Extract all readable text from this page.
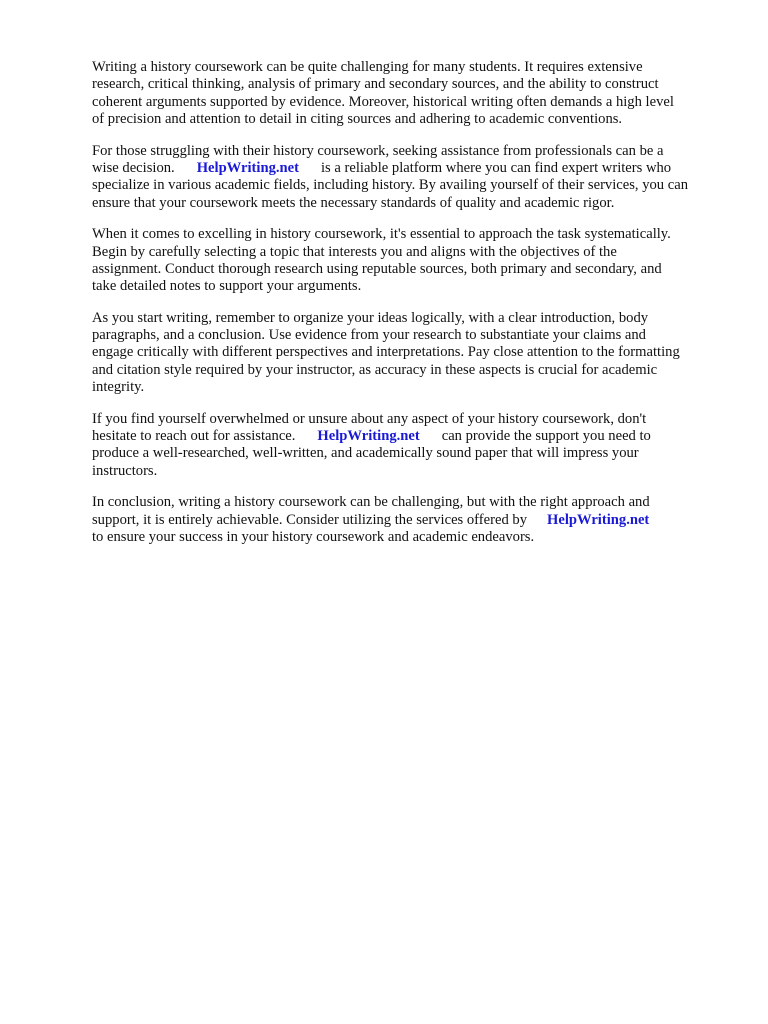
Writing a history coursework can be quite challenging for many students. It requires extensive
research, critical thinking, analysis of primary and secondary sources, and the ability to construct
coherent arguments supported by evidence. Moreover, historical writing often demands a high level
of precision and attention to detail in citing sources and adhering to academic conventions.

For those struggling with their history coursework, seeking assistance from professionals can be a
wise decision. HelpWriting.net is a reliable platform where you can find expert writers who
specialize in various academic fields, including history. By availing yourself of their services, you can
ensure that your coursework meets the necessary standards of quality and academic rigor.

When it comes to excelling in history coursework, it's essential to approach the task systematically.
Begin by carefully selecting a topic that interests you and aligns with the objectives of the
assignment. Conduct thorough research using reputable sources, both primary and secondary, and
take detailed notes to support your arguments.

As you start writing, remember to organize your ideas logically, with a clear introduction, body
paragraphs, and a conclusion. Use evidence from your research to substantiate your claims and
engage critically with different perspectives and interpretations. Pay close attention to the formatting
and citation style required by your instructor, as accuracy in these aspects is crucial for academic
integrity.

If you find yourself overwhelmed or unsure about any aspect of your history coursework, don't
hesitate to reach out for assistance. HelpWriting.net can provide the support you need to
produce a well-researched, well-written, and academically sound paper that will impress your
instructors.

In conclusion, writing a history coursework can be challenging, but with the right approach and
support, it is entirely achievable. Consider utilizing the services offered by HelpWriting.net
to ensure your success in your history coursework and academic endeavors.
